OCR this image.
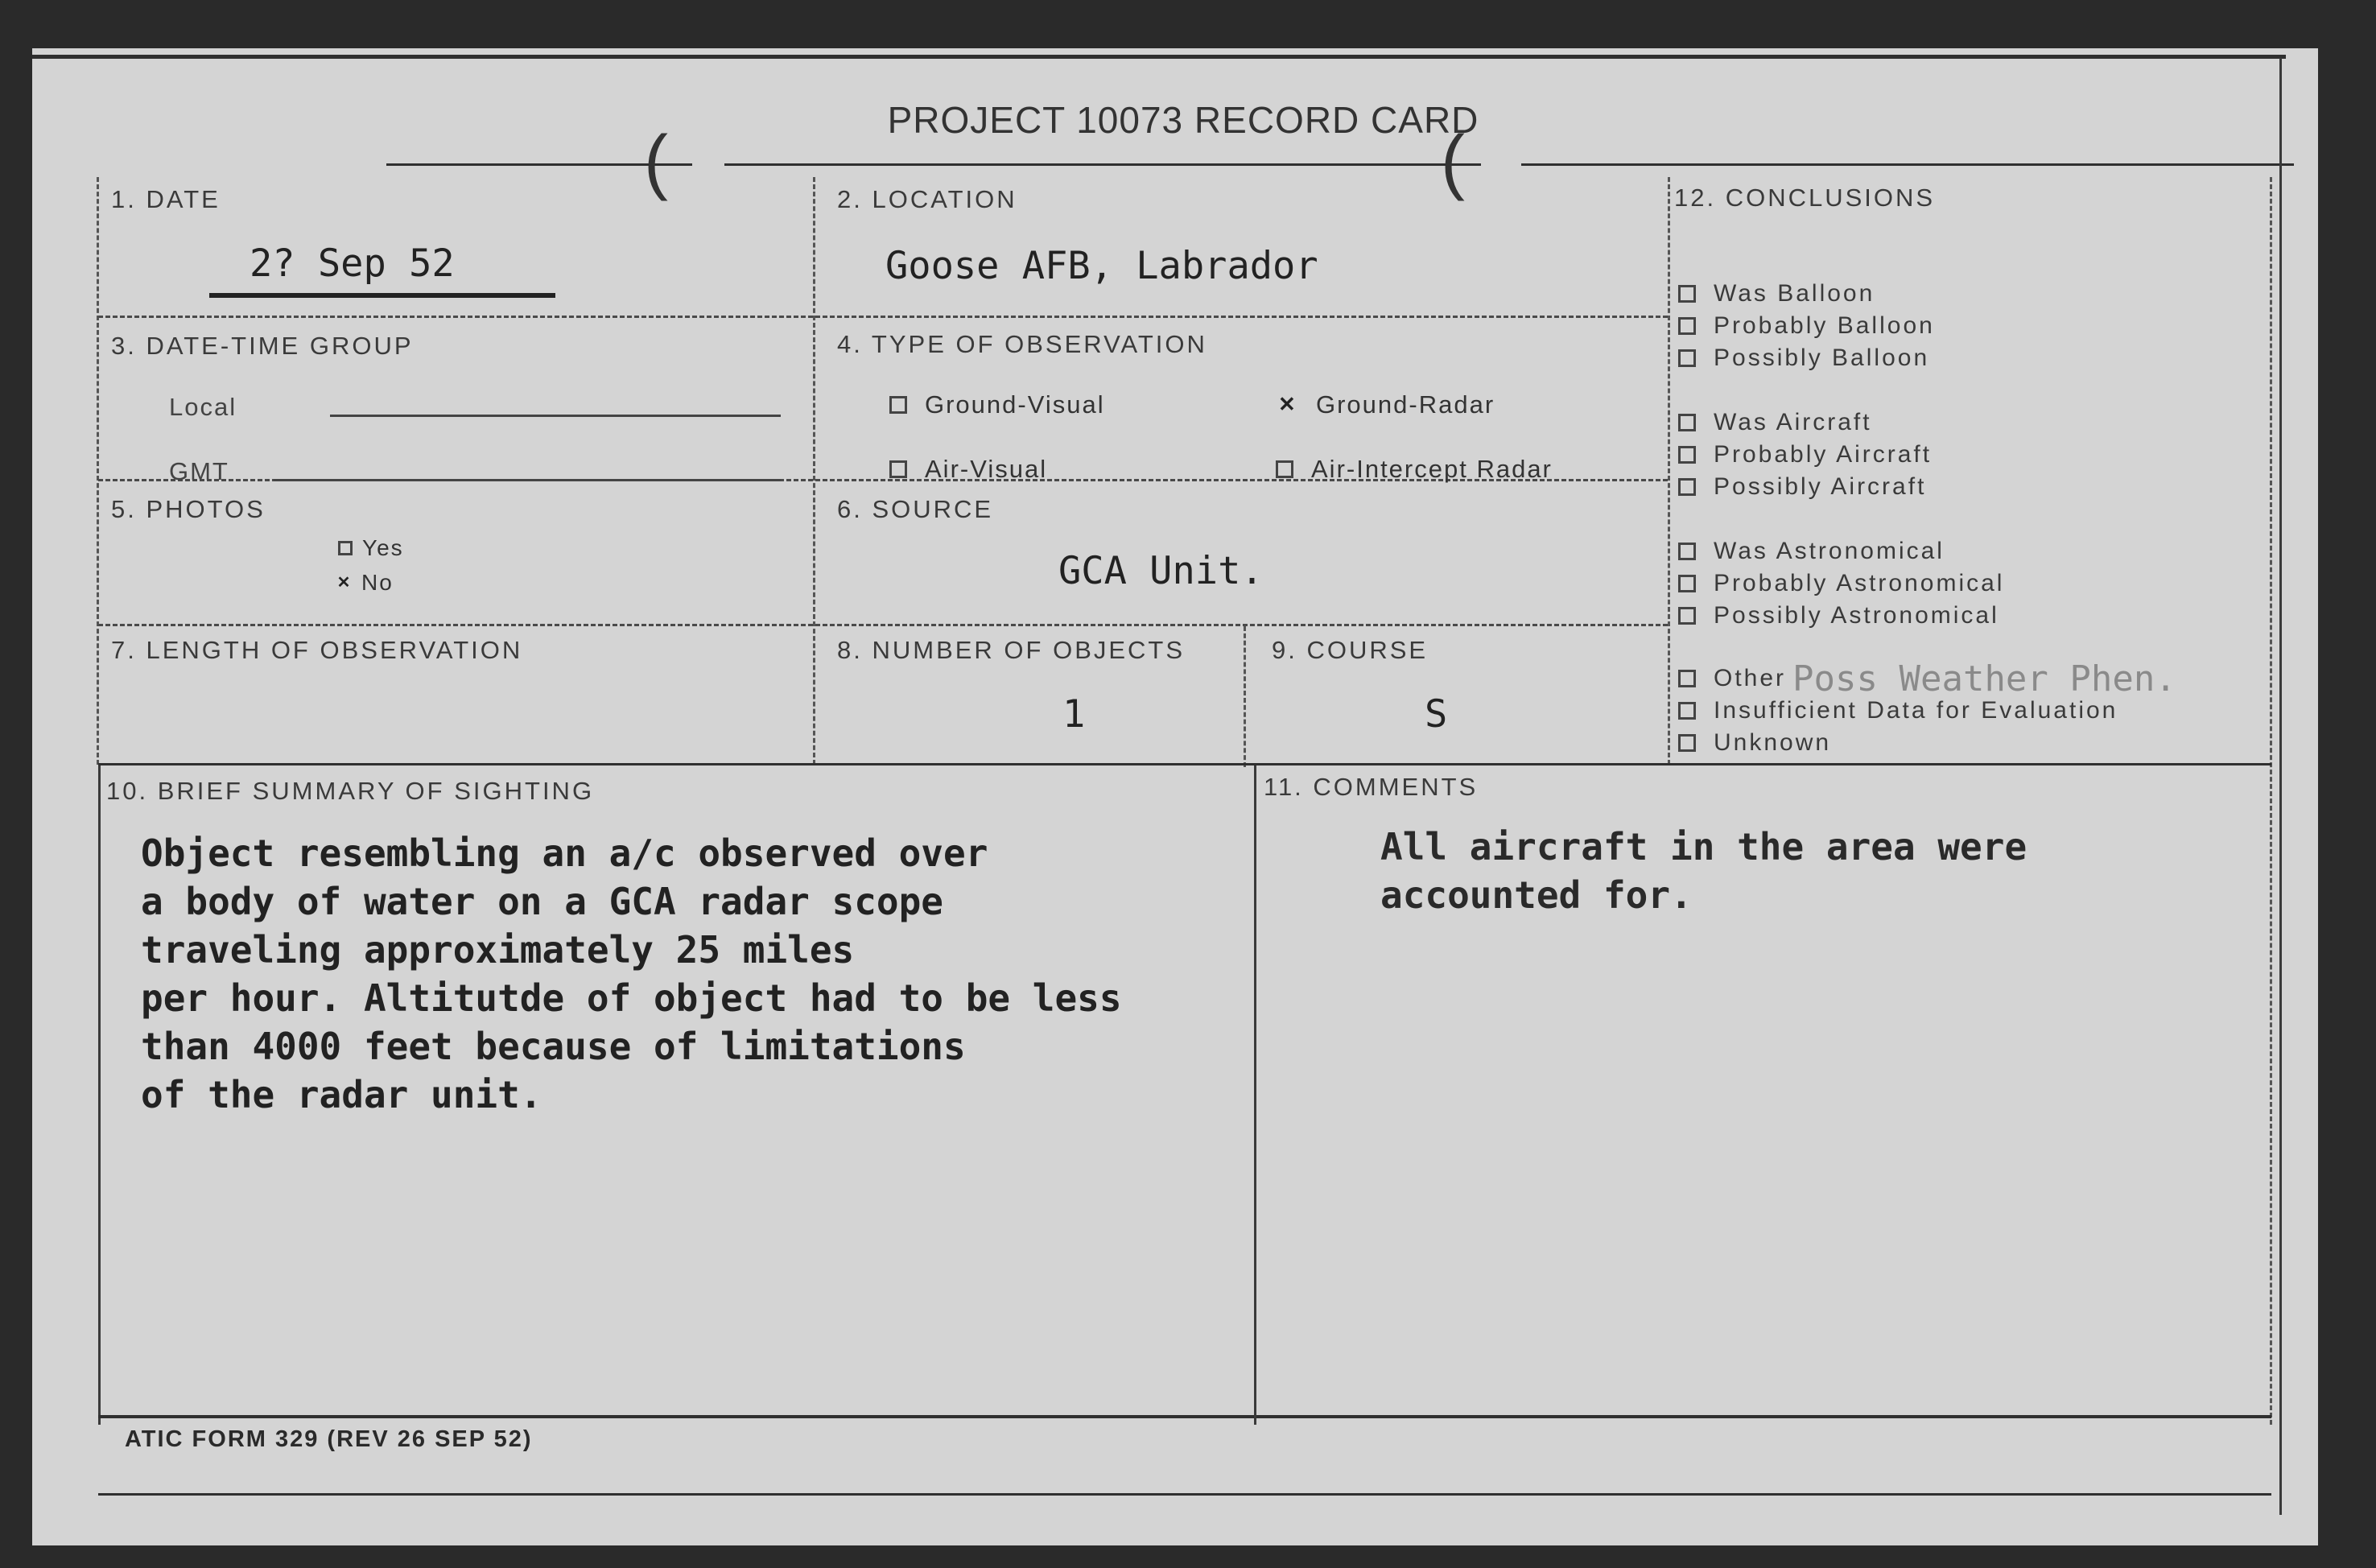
PROJECT 10073 RECORD CARD
(	(
1. DATE
2? Sep 52
2. LOCATION
Goose AFB, Labrador
3. DATE-TIME GROUP
Local
GMT
4. TYPE OF OBSERVATION
Ground-Visual	✕ Ground-Radar
Air-Visual	Air-Intercept Radar
5. PHOTOS
Yes
✕ No
6. SOURCE
GCA Unit.
7. LENGTH OF OBSERVATION	8. NUMBER OF OBJECTS
1
9. COURSE
S
12. CONCLUSIONS
Was Balloon
Probably Balloon
Possibly Balloon
Was Aircraft
Probably Aircraft
Possibly Aircraft
Was Astronomical
Probably Astronomical
Possibly Astronomical
Other Poss Weather Phen.
Insufficient Data for Evaluation
Unknown
10. BRIEF SUMMARY OF SIGHTING
Object resembling an a/c observed over
a body of water on a GCA radar scope
traveling approximately 25 miles
per hour. Altitutde of object had to be less
than 4000 feet because of limitations
of the radar unit.
11. COMMENTS
All aircraft in the area were
accounted for.
ATIC FORM 329 (REV 26 SEP 52)
